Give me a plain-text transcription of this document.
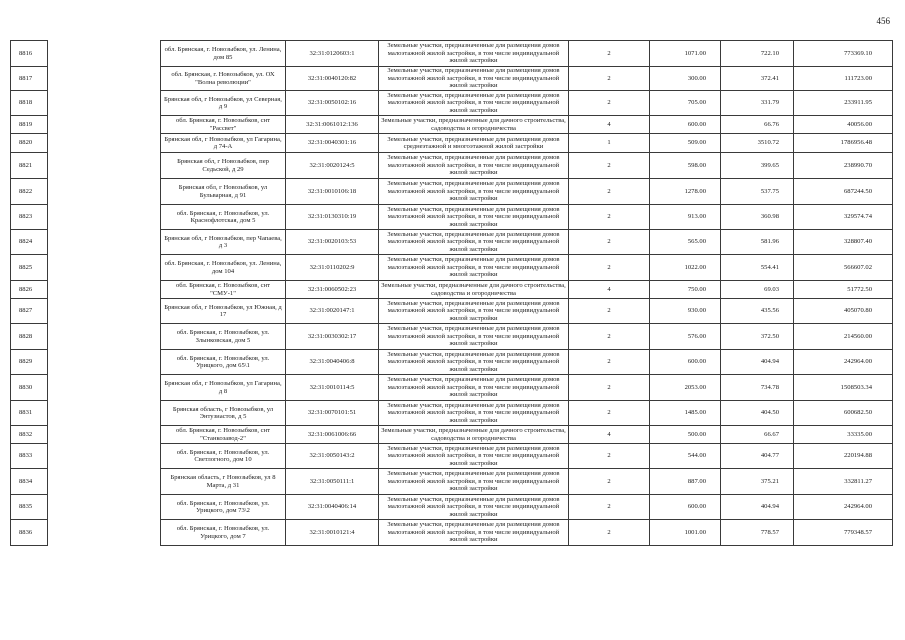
456
8816		обл. Брянская, г. Новозыбков, ул. Ленина, дом 85	32:31:0120603:1	Земельные участки, предназначенные для размещения домов малоэтажной жилой застройки, в том числе индивидуальной жилой застройки	2	1071.00	722.10	773369.10
8817		обл. Брянская, г. Новозыбков, ул. ОХ "Волна революции"	32:31:0040120:82	Земельные участки, предназначенные для размещения домов малоэтажной жилой застройки, в том числе индивидуальной жилой застройки	2	300.00	372.41	111723.00
8818		Брянская обл, г Новозыбков, ул Северная, д 9	32:31:0050102:16	Земельные участки, предназначенные для размещения домов малоэтажной жилой застройки, в том числе индивидуальной жилой застройки	2	705.00	331.79	233911.95
8819		обл. Брянская, г. Новозыбков, снт "Рассвет"	32:31:0061012:136	Земельные участки, предназначенные для дачного строительства, садоводства и огородничества	4	600.00	66.76	40056.00
8820		Брянская обл, г Новозыбков, ул Гагарина, д 74-А	32:31:0040301:16	Земельные участки, предназначенные для размещения домов среднеэтажной и многоэтажной жилой застройки	1	509.00	3510.72	1786956.48
8821		Брянская обл, г Новозыбков, пер Седьской, д 29	32:31:0020124:5	Земельные участки, предназначенные для размещения домов малоэтажной жилой застройки, в том числе индивидуальной жилой застройки	2	598.00	399.65	238990.70
8822		Брянская обл, г Новозыбков, ул Бульварная, д 91	32:31:0010106:18	Земельные участки, предназначенные для размещения домов малоэтажной жилой застройки, в том числе индивидуальной жилой застройки	2	1278.00	537.75	687244.50
8823		обл. Брянская, г. Новозыбков, ул. Краснофлотская, дом 5	32:31:0130310:19	Земельные участки, предназначенные для размещения домов малоэтажной жилой застройки, в том числе индивидуальной жилой застройки	2	913.00	360.98	329574.74
8824		Брянская обл, г Новозыбков, пер Чапаева, д 3	32:31:0020103:53	Земельные участки, предназначенные для размещения домов малоэтажной жилой застройки, в том числе индивидуальной жилой застройки	2	565.00	581.96	328807.40
8825		обл. Брянская, г. Новозыбков, ул. Ленина, дом 104	32:31:0110202:9	Земельные участки, предназначенные для размещения домов малоэтажной жилой застройки, в том числе индивидуальной жилой застройки	2	1022.00	554.41	566607.02
8826		обл. Брянская, г. Новозыбков, снт "СМУ-1"	32:31:0060502:23	Земельные участки, предназначенные для дачного строительства, садоводства и огородничества	4	750.00	69.03	51772.50
8827		Брянская обл, г Новозыбков, ул Южная, д 17	32:31:0020147:1	Земельные участки, предназначенные для размещения домов малоэтажной жилой застройки, в том числе индивидуальной жилой застройки	2	930.00	435.56	405070.80
8828		обл. Брянская, г. Новозыбков, ул. Злынковская, дом 5	32:31:0030302:17	Земельные участки, предназначенные для размещения домов малоэтажной жилой застройки, в том числе индивидуальной жилой застройки	2	576.00	372.50	214560.00
8829		обл. Брянская, г. Новозыбков, ул. Урицкого, дом 65\1	32:31:0040406:8	Земельные участки, предназначенные для размещения домов малоэтажной жилой застройки, в том числе индивидуальной жилой застройки	2	600.00	404.94	242964.00
8830		Брянская обл, г Новозыбков, ул Гагарина, д 8	32:31:0010114:5	Земельные участки, предназначенные для размещения домов малоэтажной жилой застройки, в том числе индивидуальной жилой застройки	2	2053.00	734.78	1508503.34
8831		Брянская область, г Новозыбков, ул Энтузиастов, д 5	32:31:0070101:51	Земельные участки, предназначенные для размещения домов малоэтажной жилой застройки, в том числе индивидуальной жилой застройки	2	1485.00	404.50	600682.50
8832		обл. Брянская, г. Новозыбков, снт "Станкозавод-2"	32:31:0061006:66	Земельные участки, предназначенные для дачного строительства, садоводства и огородничества	4	500.00	66.67	33335.00
8833		обл. Брянская, г. Новозыбков, ул. Светлогного, дом 10	32:31:0050143:2	Земельные участки, предназначенные для размещения домов малоэтажной жилой застройки, в том числе индивидуальной жилой застройки	2	544.00	404.77	220194.88
8834		Брянская область, г Новозыбков, ул 8 Марта, д 31	32:31:0050111:1	Земельные участки, предназначенные для размещения домов малоэтажной жилой застройки, в том числе индивидуальной жилой застройки	2	887.00	375.21	332811.27
8835		обл. Брянская, г. Новозыбков, ул. Урицкого, дом 73\2	32:31:0040406:14	Земельные участки, предназначенные для размещения домов малоэтажной жилой застройки, в том числе индивидуальной жилой застройки	2	600.00	404.94	242964.00
8836		обл. Брянская, г. Новозыбков, ул. Урицкого, дом 7	32:31:0010121:4	Земельные участки, предназначенные для размещения домов малоэтажной жилой застройки, в том числе индивидуальной жилой застройки	2	1001.00	778.57	779348.57
